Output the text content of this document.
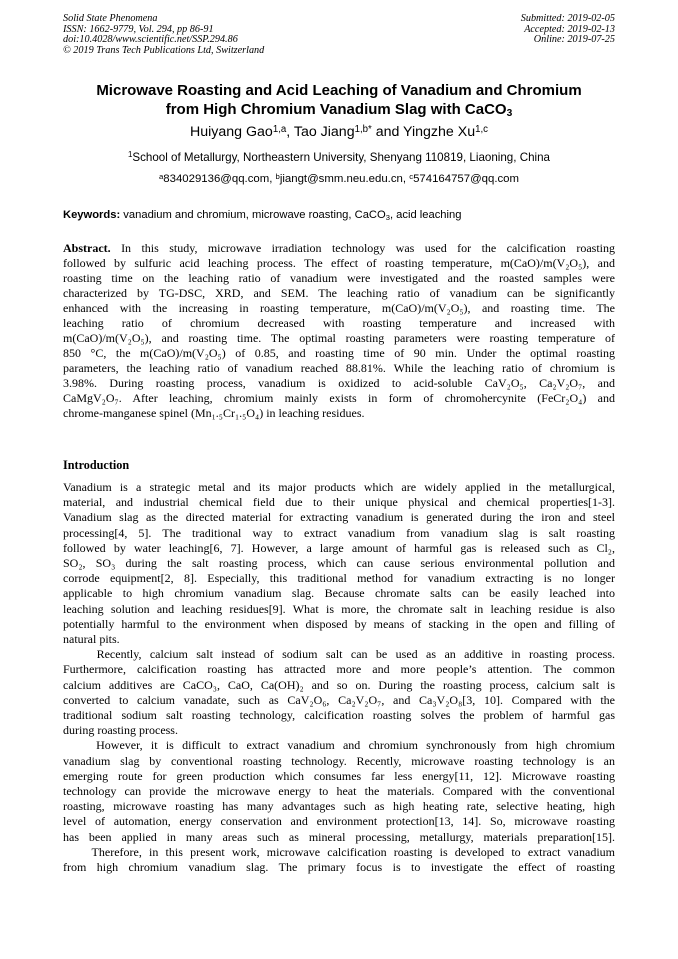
Solid State Phenomena
ISSN: 1662-9779, Vol. 294, pp 86-91
doi:10.4028/www.scientific.net/SSP.294.86
© 2019 Trans Tech Publications Ltd, Switzerland
Submitted: 2019-02-05
Accepted: 2019-02-13
Online: 2019-07-25
Microwave Roasting and Acid Leaching of Vanadium and Chromium
from High Chromium Vanadium Slag with CaCO$_3$
Huiyang Gao$^{1,a}$, Tao Jiang$^{1,b*}$ and Yingzhe Xu$^{1,c}$
$^1$School of Metallurgy, Northeastern University, Shenyang 110819, Liaoning, China
$^a$834029136@qq.com, $^b$jiangt@smm.neu.edu.cn, $^c$574164757@qq.com
Keywords: vanadium and chromium, microwave roasting, CaCO$_3$, acid leaching
Abstract. In this study, microwave irradiation technology was used for the calcification roasting
followed by sulfuric acid leaching process. The effect of roasting temperature, m(CaO)/m(V₂O₅), and
roasting time on the leaching ratio of vanadium were investigated and the roasted samples were
characterized by TG-DSC, XRD, and SEM. The leaching ratio of vanadium can be significantly
enhanced with the increasing in roasting temperature, m(CaO)/m(V₂O₅), and roasting time. The
leaching ratio of chromium decreased with roasting temperature and increased with
m(CaO)/m(V₂O₅), and roasting time. The optimal roasting parameters were roasting temperature of
850 °C, the m(CaO)/m(V₂O₅) of 0.85, and roasting time of 90 min. Under the optimal roasting
parameters, the leaching ratio of vanadium reached 88.81%. While the leaching ratio of chromium is
3.98%. During roasting process, vanadium is oxidized to acid-soluble CaV₂O₅, Ca₂V₂O₇, and
CaMgV₂O₇. After leaching, chromium mainly exists in form of chromohercynite (FeCr₂O₄) and
chrome-manganese spinel (Mn₁.₅Cr₁.₅O₄) in leaching residues.
Introduction
Vanadium is a strategic metal and its major products which are widely applied in the metallurgical,
material, and industrial chemical field due to their unique physical and chemical properties[1-3].
Vanadium slag as the directed material for extracting vanadium is generated during the iron and steel
processing[4, 5]. The traditional way to extract vanadium from vanadium slag is salt roasting
followed by water leaching[6, 7]. However, a large amount of harmful gas is released such as Cl₂,
SO₂, SO₃ during the salt roasting process, which can cause serious environmental pollution and
corrode equipment[2, 8]. Especially, this traditional method for vanadium extracting is no longer
applicable to high chromium vanadium slag. Because chromate salts can be easily leached into
leaching solution and leaching residues[9]. What is more, the chromate salt in leaching residue is also
potentially harmful to the environment when disposed by means of stacking in the open and filling of
natural pits.
Recently, calcium salt instead of sodium salt can be used as an additive in roasting process.
Furthermore, calcification roasting has attracted more and more people’s attention. The common
calcium additives are CaCO₃, CaO, Ca(OH)₂ and so on. During the roasting process, calcium salt is
converted to calcium vanadate, such as CaV₂O₆, Ca₂V₂O₇, and Ca₃V₂O₈[3, 10]. Compared with the
traditional sodium salt roasting technology, calcification roasting solves the problem of harmful gas
during roasting process.
However, it is difficult to extract vanadium and chromium synchronously from high chromium
vanadium slag by conventional roasting technology. Recently, microwave roasting technology is an
emerging route for green production which consumes far less energy[11, 12]. Microwave roasting
technology can provide the microwave energy to heat the materials. Compared with the conventional
roasting, microwave roasting has many advantages such as high heating rate, selective heating, high
level of automation, energy conservation and environment protection[13, 14]. So, microwave roasting
has been applied in many areas such as mineral processing, metallurgy, materials preparation[15].
Therefore, in this present work, microwave calcification roasting is developed to extract vanadium
from high chromium vanadium slag. The primary focus is to investigate the effect of roasting
